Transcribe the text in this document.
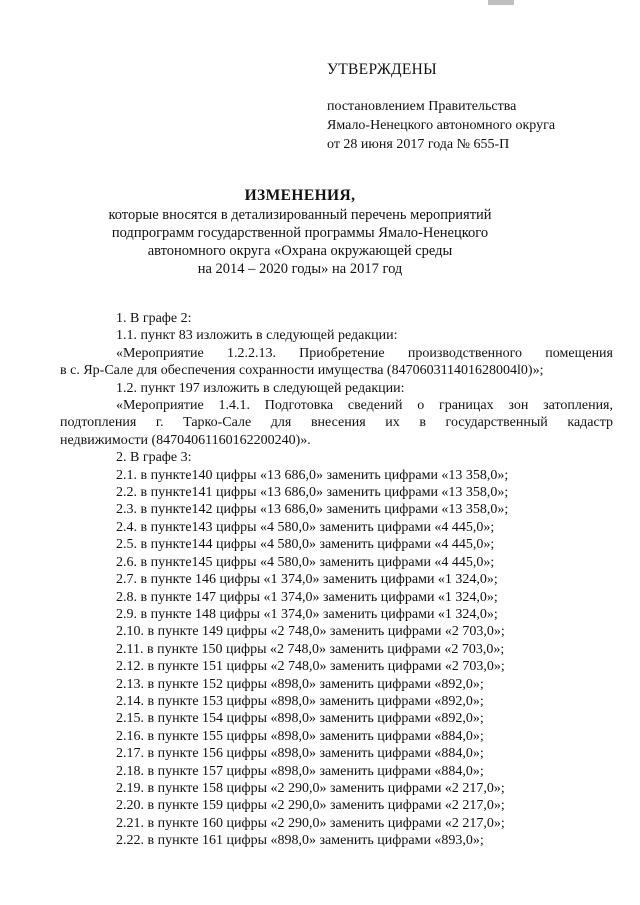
УТВЕРЖДЕНЫ
постановлением Правительства
Ямало-Ненецкого автономного округа
от 28 июня 2017 года № 655-П
ИЗМЕНЕНИЯ,
которые вносятся в детализированный перечень мероприятий
подпрограмм государственной программы Ямало-Ненецкого
автономного округа «Охрана окружающей среды
на 2014 – 2020 годы» на 2017 год
1. В графе 2:
1.1. пункт 83 изложить в следующей редакции:
«Мероприятие 1.2.2.13. Приобретение производственного помещения
в с. Яр-Сале для обеспечения сохранности имущества (847060311401628004l0)»;
1.2. пункт 197 изложить в следующей редакции:
«Мероприятие 1.4.1. Подготовка сведений о границах зон затопления,
подтопления г. Тарко-Сале для внесения их в государственный кадастр
недвижимости (84704061160162200240)».
2. В графе 3:
2.1. в пункте140 цифры «13 686,0» заменить цифрами «13 358,0»;
2.2. в пункте141 цифры «13 686,0» заменить цифрами «13 358,0»;
2.3. в пункте142 цифры «13 686,0» заменить цифрами «13 358,0»;
2.4. в пункте143 цифры «4 580,0» заменить цифрами «4 445,0»;
2.5. в пункте144 цифры «4 580,0» заменить цифрами «4 445,0»;
2.6. в пункте145 цифры «4 580,0» заменить цифрами «4 445,0»;
2.7. в пункте 146 цифры «1 374,0» заменить цифрами «1 324,0»;
2.8. в пункте 147 цифры «1 374,0» заменить цифрами «1 324,0»;
2.9. в пункте 148 цифры «1 374,0» заменить цифрами «1 324,0»;
2.10. в пункте 149 цифры «2 748,0» заменить цифрами «2 703,0»;
2.11. в пункте 150 цифры «2 748,0» заменить цифрами «2 703,0»;
2.12. в пункте 151 цифры «2 748,0» заменить цифрами «2 703,0»;
2.13. в пункте 152 цифры «898,0» заменить цифрами «892,0»;
2.14. в пункте 153 цифры «898,0» заменить цифрами «892,0»;
2.15. в пункте 154 цифры «898,0» заменить цифрами «892,0»;
2.16. в пункте 155 цифры «898,0» заменить цифрами «884,0»;
2.17. в пункте 156 цифры «898,0» заменить цифрами «884,0»;
2.18. в пункте 157 цифры «898,0» заменить цифрами «884,0»;
2.19. в пункте 158 цифры «2 290,0» заменить цифрами «2 217,0»;
2.20. в пункте 159 цифры «2 290,0» заменить цифрами «2 217,0»;
2.21. в пункте 160 цифры «2 290,0» заменить цифрами «2 217,0»;
2.22. в пункте 161 цифры «898,0» заменить цифрами «893,0»;
